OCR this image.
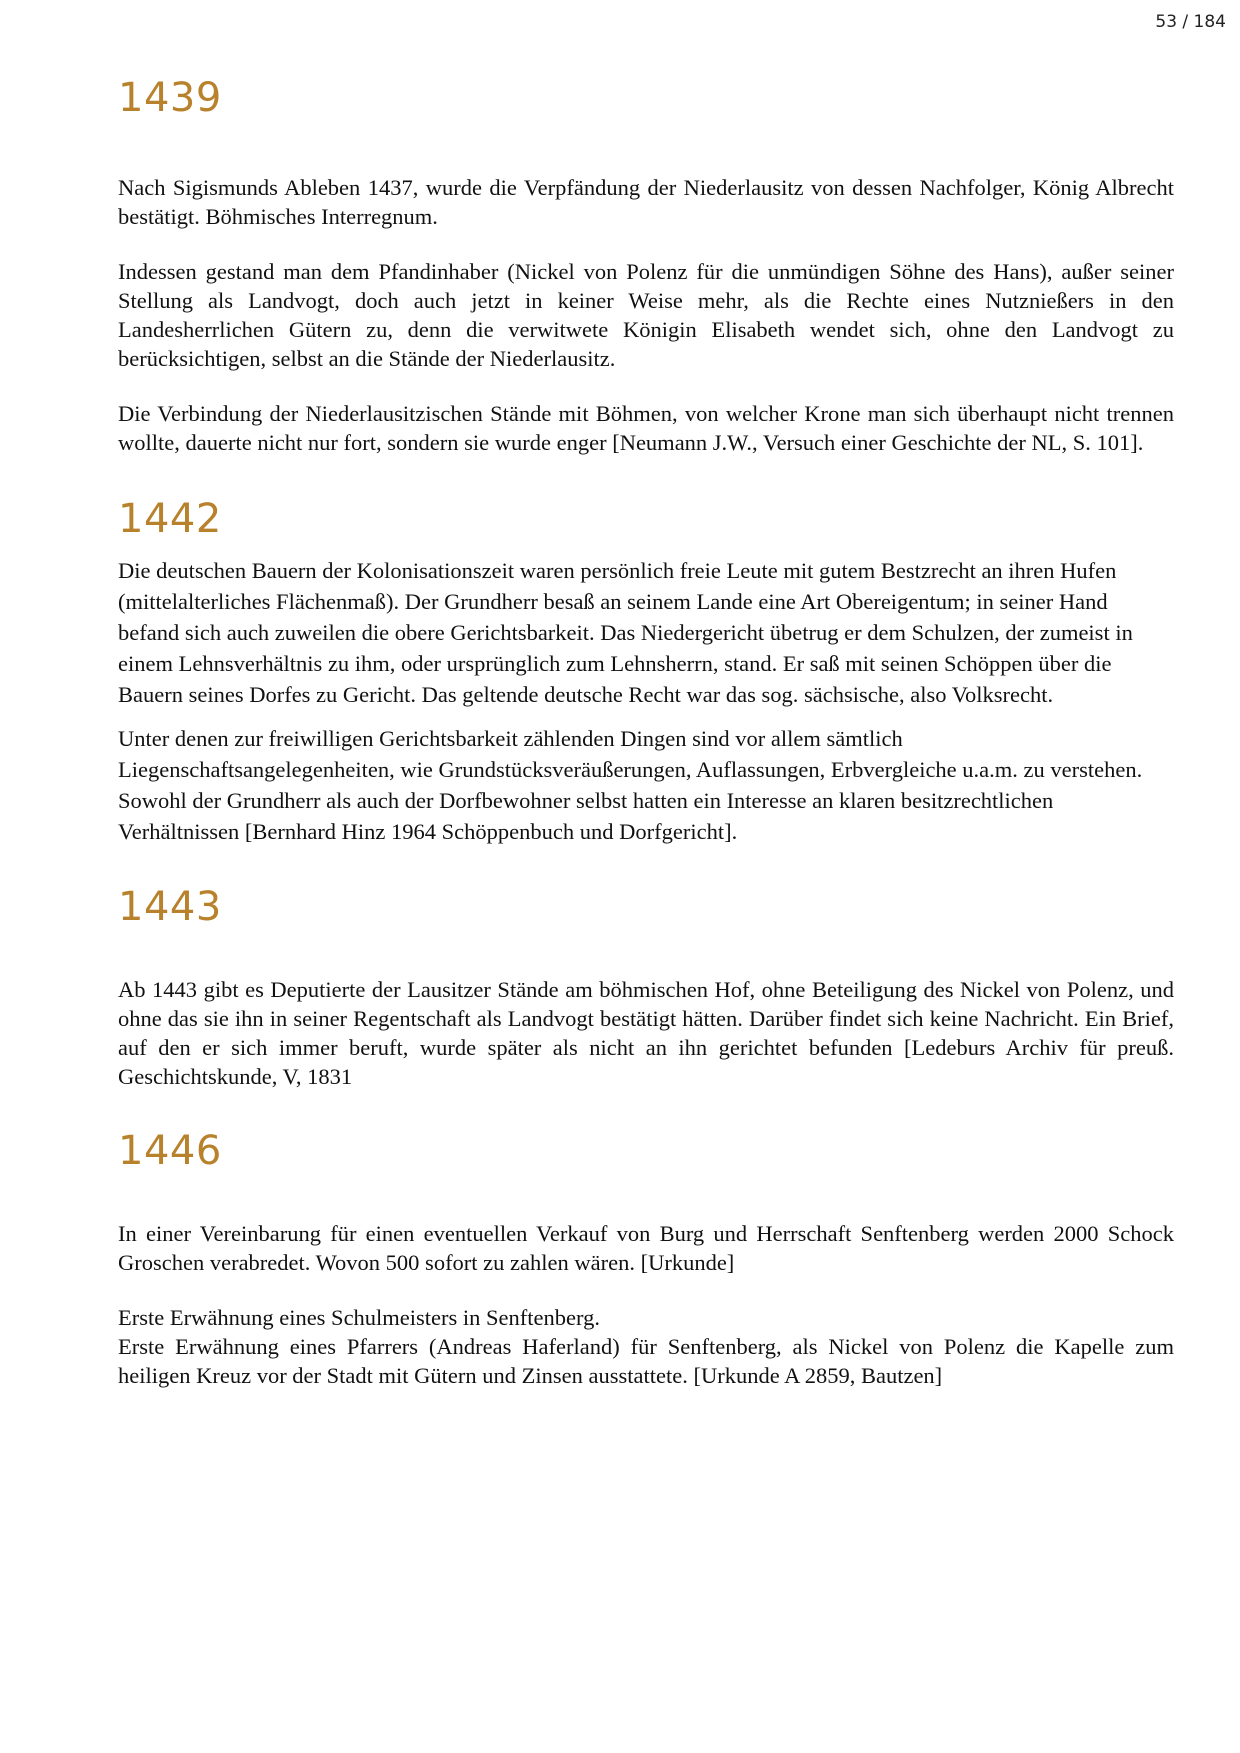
53 / 184
1439

Nach Sigismunds Ableben 1437, wurde die Verpfändung der Niederlausitz von dessen Nachfolger, König Albrecht bestätigt. Böhmisches Interregnum.

Indessen gestand man dem Pfandinhaber (Nickel von Polenz für die unmündigen Söhne des Hans), außer seiner Stellung als Landvogt, doch auch jetzt in keiner Weise mehr, als die Rechte eines Nutznießers in den Landesherrlichen Gütern zu, denn die verwitwete Königin Elisabeth wendet sich, ohne den Landvogt zu berücksichtigen, selbst an die Stände der Niederlausitz.

Die Verbindung der Niederlausitzischen Stände mit Böhmen, von welcher Krone man sich überhaupt nicht trennen wollte, dauerte nicht nur fort, sondern sie wurde enger [Neumann J.W., Versuch einer Geschichte der NL, S. 101].

1442

Die deutschen Bauern der Kolonisationszeit waren persönlich freie Leute mit gutem Bestzrecht an ihren Hufen (mittelalterliches Flächenmaß). Der Grundherr besaß an seinem Lande eine Art Obereigentum; in seiner Hand befand sich auch zuweilen die obere Gerichtsbarkeit. Das Niedergericht übetrug er dem Schulzen, der zumeist in einem Lehnsverhältnis zu ihm, oder ursprünglich zum Lehnsherrn, stand. Er saß mit seinen Schöppen über die Bauern seines Dorfes zu Gericht. Das geltende deutsche Recht war das sog. sächsische, also Volksrecht.

Unter denen zur freiwilligen Gerichtsbarkeit zählenden Dingen sind vor allem sämtlich Liegenschaftsangelegenheiten, wie Grundstücksveräußerungen, Auflassungen, Erbvergleiche u.a.m. zu verstehen. Sowohl der Grundherr als auch der Dorfbewohner selbst hatten ein Interesse an klaren besitzrechtlichen Verhältnissen [Bernhard Hinz 1964 Schöppenbuch und Dorfgericht].

1443

Ab 1443 gibt es Deputierte der Lausitzer Stände am böhmischen Hof, ohne Beteiligung des Nickel von Polenz, und ohne das sie ihn in seiner Regentschaft als Landvogt bestätigt hätten. Darüber findet sich keine Nachricht. Ein Brief, auf den er sich immer beruft, wurde später als nicht an ihn gerichtet befunden [Ledeburs Archiv für preuß. Geschichtskunde, V, 1831

1446

In einer Vereinbarung für einen eventuellen Verkauf von Burg und Herrschaft Senftenberg werden 2000 Schock Groschen verabredet. Wovon 500 sofort zu zahlen wären. [Urkunde]

Erste Erwähnung eines Schulmeisters in Senftenberg.

Erste Erwähnung eines Pfarrers (Andreas Haferland) für Senftenberg, als Nickel von Polenz die Kapelle zum heiligen Kreuz vor der Stadt mit Gütern und Zinsen ausstattete. [Urkunde A 2859, Bautzen]
